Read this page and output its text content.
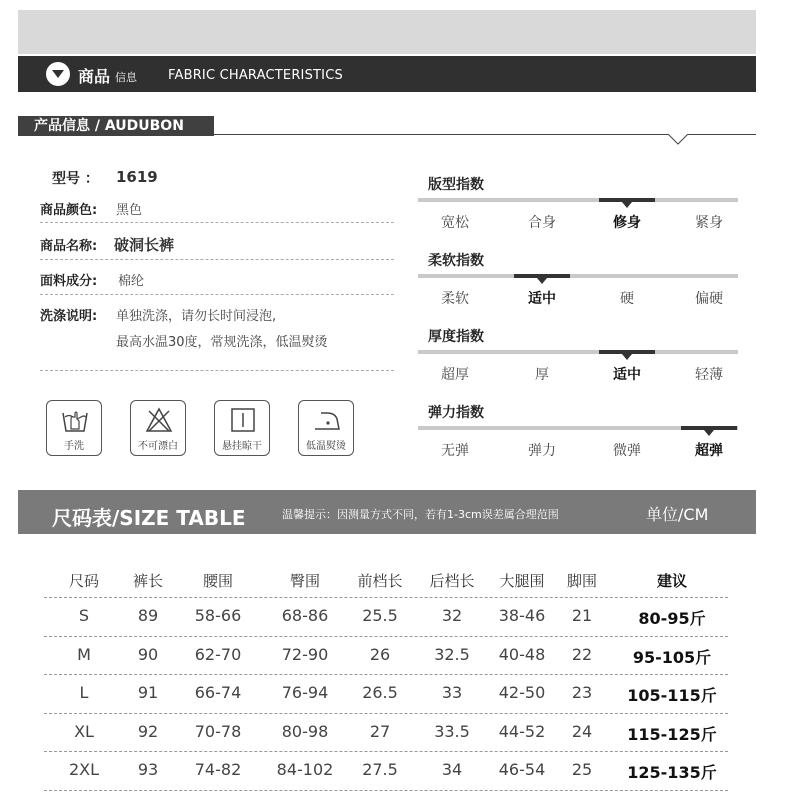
商品 信息 FABRIC CHARACTERISTICS
产品信息 / AUDUBON
型号 ： 1619
商品颜色: 黑色
商品名称: 破洞长裤
面料成分: 棉纶
洗涤说明: 单独洗涤，请勿长时间浸泡,
最高水温30度，常规洗涤，低温熨烫
手洗	不可漂白	悬挂晾干	低温熨烫
版型指数
宽松	合身	修身	紧身
柔软指数
柔软	适中	硬	偏硬
厚度指数
超厚	厚	适中	轻薄
弹力指数
无弹	弹力	微弹	超弹
尺码表/SIZE TABLE	温馨提示：因测量方式不同，若有1-3cm误差属合理范围	单位/CM
尺码	裤长	腰围	臀围	前档长	后档长	大腿围	脚围	建议
S	89	58-66	68-86	25.5	32	38-46	21	80-95斤
M	90	62-70	72-90	26	32.5	40-48	22	95-105斤
L	91	66-74	76-94	26.5	33	42-50	23	105-115斤
XL	92	70-78	80-98	27	33.5	44-52	24	115-125斤
2XL	93	74-82	84-102	27.5	34	46-54	25	125-135斤
